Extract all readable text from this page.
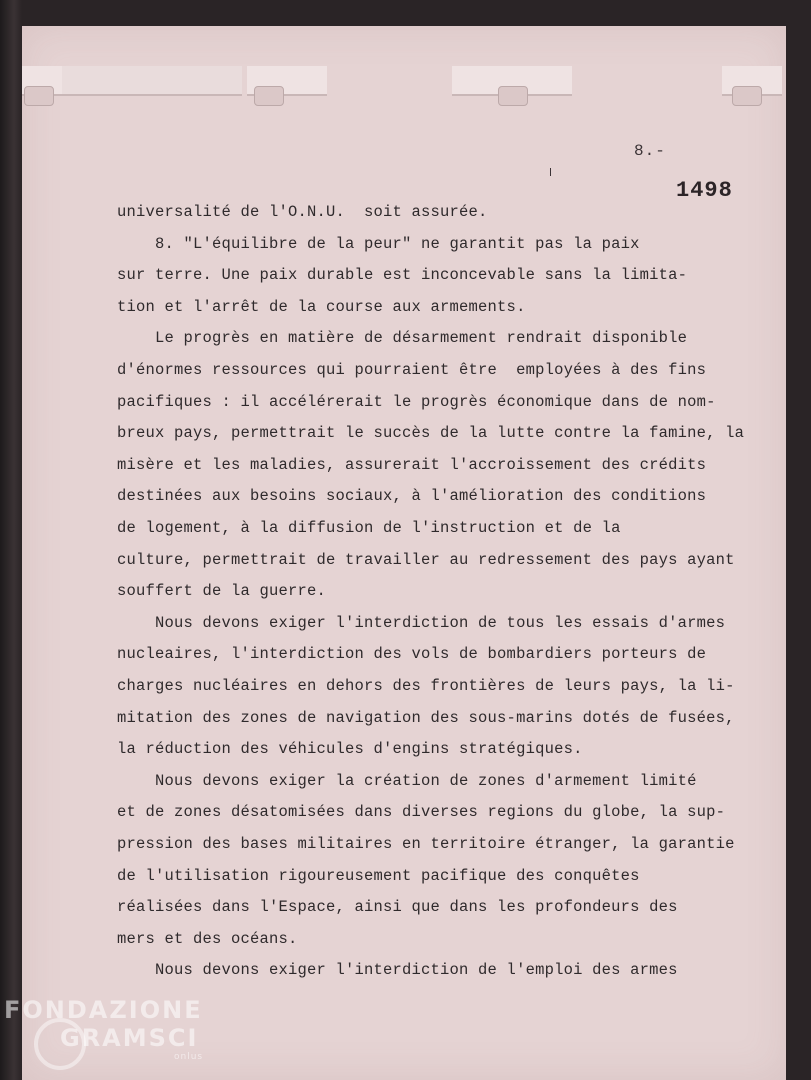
8.-
1498
universalité de l'O.N.U.  soit assurée.
8. "L'équilibre de la peur" ne garantit pas la paix
sur terre. Une paix durable est inconcevable sans la limita-
tion et l'arrêt de la course aux armements.
Le progrès en matière de désarmement rendrait disponible
d'énormes ressources qui pourraient être  employées à des fins
pacifiques : il accélérerait le progrès économique dans de nom-
breux pays, permettrait le succès de la lutte contre la famine, la
misère et les maladies, assurerait l'accroissement des crédits
destinées aux besoins sociaux, à l'amélioration des conditions
de logement, à la diffusion de l'instruction et de la
culture, permettrait de travailler au redressement des pays ayant
souffert de la guerre.
Nous devons exiger l'interdiction de tous les essais d'armes
nucleaires, l'interdiction des vols de bombardiers porteurs de
charges nucléaires en dehors des frontières de leurs pays, la li-
mitation des zones de navigation des sous-marins dotés de fusées,
la réduction des véhicules d'engins stratégiques.
Nous devons exiger la création de zones d'armement limité
et de zones désatomisées dans diverses regions du globe, la sup-
pression des bases militaires en territoire étranger, la garantie
de l'utilisation rigoureusement pacifique des conquêtes
réalisées dans l'Espace, ainsi que dans les profondeurs des
mers et des océans.
Nous devons exiger l'interdiction de l'emploi des armes
FONDAZIONE
GRAMSCI
onlus
